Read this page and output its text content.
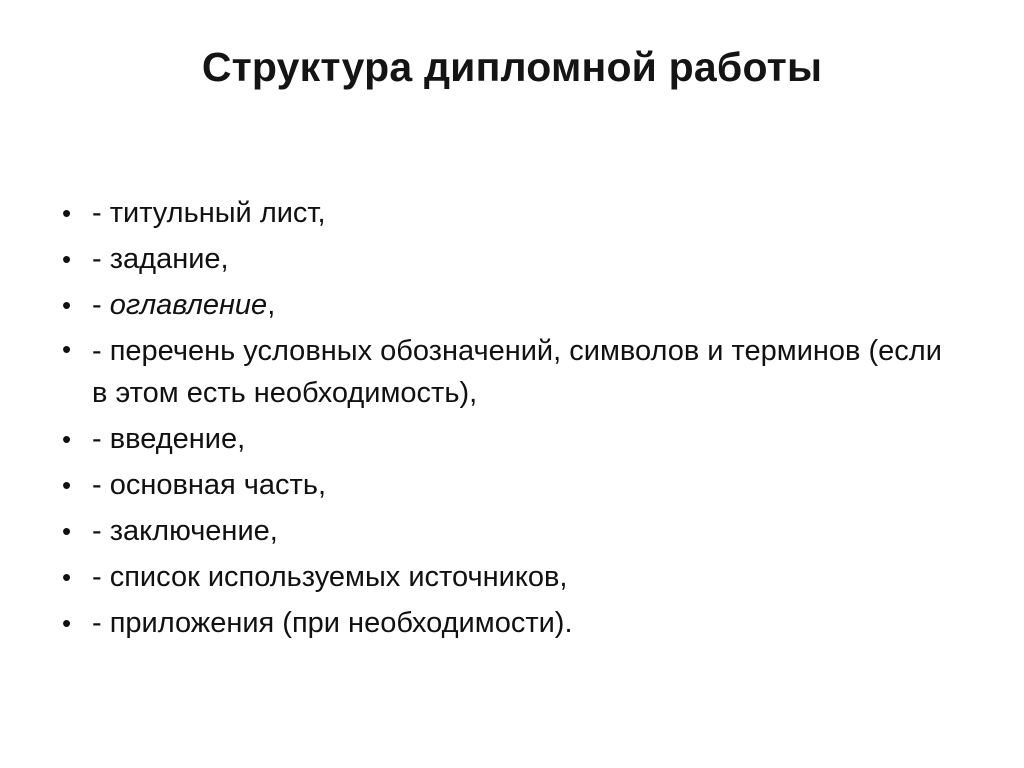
Структура дипломной работы
• - титульный лист,
• - задание,
• - оглавление,
• - перечень условных обозначений, символов и терминов (если в этом есть необходимость),
• - введение,
• - основная часть,
• - заключение,
• - список используемых источников,
• - приложения (при необходимости).
